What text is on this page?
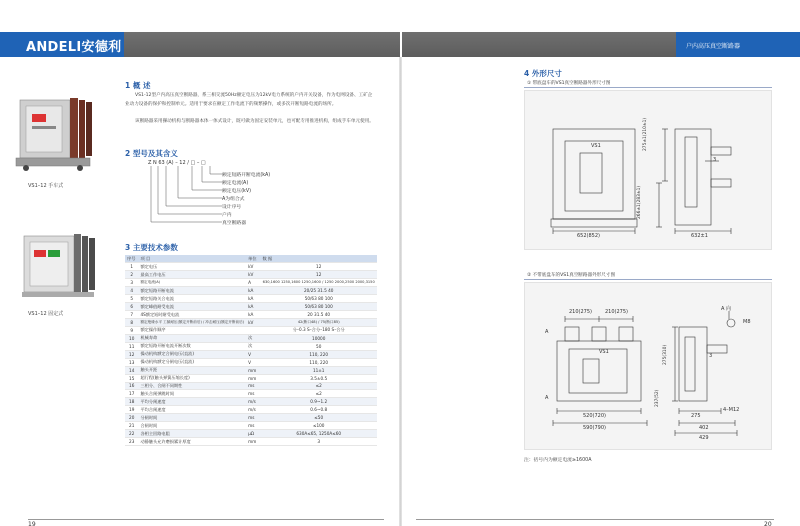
ANDELI安德利	户内高压真空断路器
1 概 述
VS1-12型户内高压真空断路器，系三相交流50Hz额定电压为12kV电力系统的户内开关设备，作为电网设备、工矿企业动力设备的保护和控制单元。适用于要求在额定工作电流下的频繁操作，或多次开断短路电流的场所。
该断路器采用操动机构与断路器本体一体式设计，既可做为固定安装单元，也可配专用推进机构，组成手车单元使用。
VS1–12 手车式
VS1–12 固定式
2 型号及其含义
Z N 63 (A) – 12 / □ – □
额定短路开断电流(kA)
额定电流(A)
额定电压(kV)
A为组合式
设计序号
户内
真空断路器
3 主要技术参数
序号	项 目	单位	数 据
1	额定电压	kV	12
2	最高工作电压	kV	12
3	额定电流(A)	A	630,1600 1250,1600 1250,1600 / 1250 2000,2500 2000,3150
4	额定短路开断电流	kA	20/25 31.5 40
5	额定短路关合电流	kA	50/63 80 100
6	额定峰值耐受电流	kA	50/63 80 100
7	4S额定短时耐受电流	kA	20 31.5 40
8	额定绝缘水平 工频耐压(额定开断前后) / 冲击耐压(额定开断前后)	kV	42(断口48) / 75(断口85)
9	额定操作顺序		分–0.3 S–合分–180 S–合分
10	机械寿命	次	10000
11	额定短路开断电流开断次数	次	50
12	操动机构额定合闸电压(直流)	V	110, 220
13	操动机构额定分闸电压(直流)	V	110, 220
14	触头开距	mm	11±1
15	超行程(触头弹簧压缩长度)	mm	3.5±0.5
16	三相分、合闸不同期性	ms	≤2
17	触头合闸弹跳时间	ms	≤2
18	平均分闸速度	m/s	0.9~1.2
19	平均合闸速度	m/s	0.6~0.8
20	分闸时间	ms	≤50
21	合闸时间	ms	≤100
22	各相主回路电阻	μΩ	630A≤65, 1250A≤60
23	动静触头允许磨损累计厚度	mm	3
19
4 外形尺寸
① 带底盘车的VS1真空断路器外形尺寸图
VS1
652(852)	632±1
3
275±1(210±1)
266±1(283±1)
② 不带底盘车的VS1真空断路器外形尺寸图
210(275)	210(275)
VS1
A
A
A 向
M8
520(720)
590(790)
3
275(310)
237(52)
275
4–M12
402
429
注：括号内为额定电流≥1600A
20
